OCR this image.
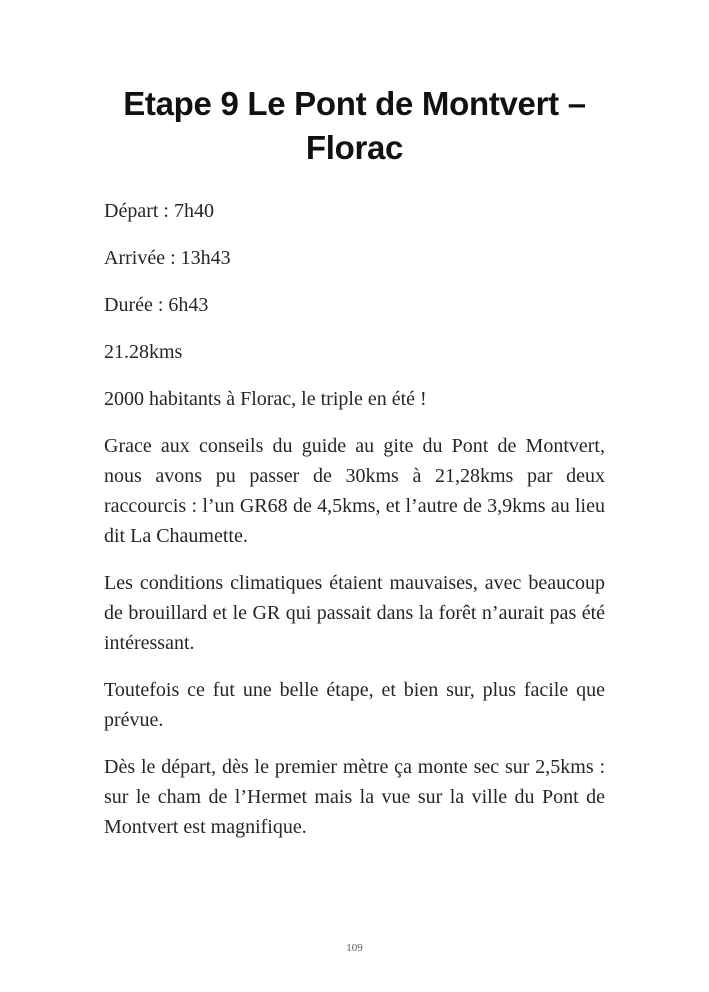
Etape 9 Le Pont de Montvert – Florac

Départ : 7h40

Arrivée : 13h43

Durée : 6h43

21.28kms

2000 habitants à Florac, le triple en été !

Grace aux conseils du guide au gite du Pont de Montvert, nous avons pu passer de 30kms à 21,28kms par deux raccourcis : l’un GR68 de 4,5kms, et l’autre de 3,9kms au lieu dit La Chaumette.

Les conditions climatiques étaient mauvaises, avec beaucoup de brouillard et le GR qui passait dans la forêt n’aurait pas été intéressant.

Toutefois ce fut une belle étape, et bien sur, plus facile que prévue.

Dès le départ, dès le premier mètre ça monte sec sur 2,5kms : sur le cham de l’Hermet mais la vue sur la ville du Pont de Montvert est magnifique.

109
